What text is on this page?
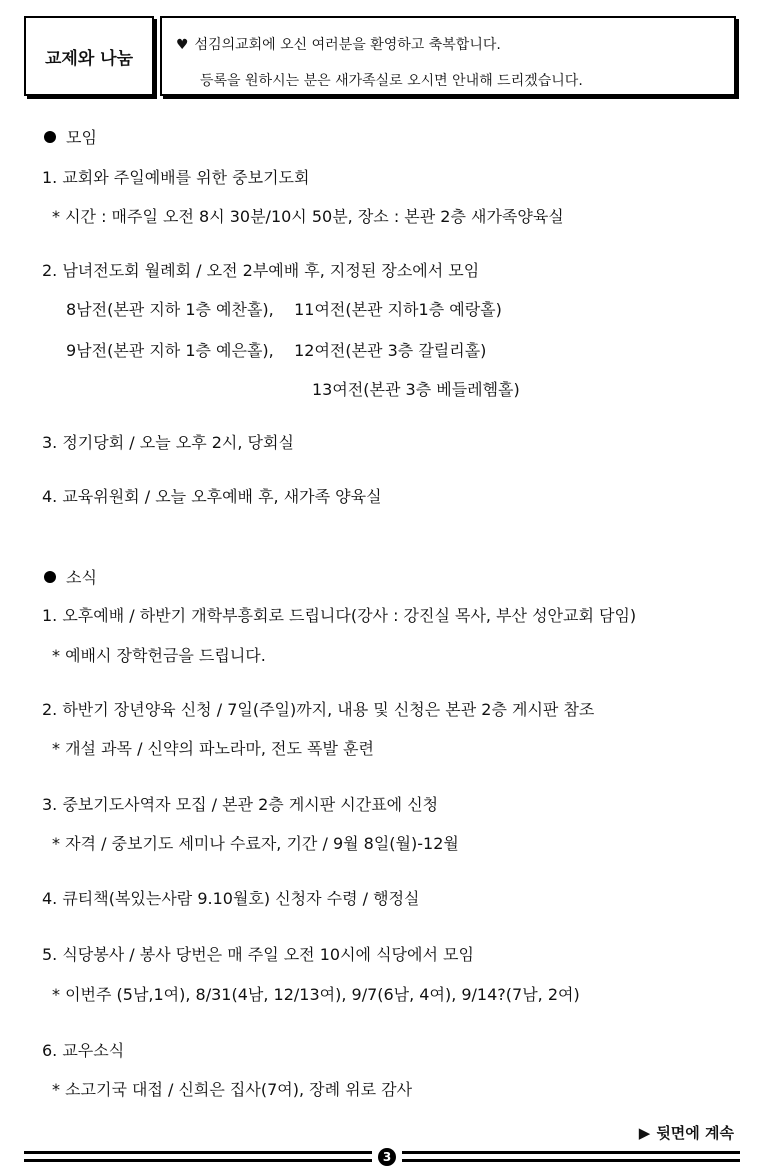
교제와 나눔
♥ 섬김의교회에 오신 여러분을 환영하고 축복합니다.
등록을 원하시는 분은 새가족실로 오시면 안내해 드리겠습니다.
모임
1. 교회와 주일예배를 위한 중보기도회
* 시간 : 매주일 오전 8시 30분/10시 50분, 장소 : 본관 2층 새가족양육실
2. 남녀전도회 월례회 / 오전 2부예배 후, 지정된 장소에서 모임
8남전(본관 지하 1층 예찬홀),    11여전(본관 지하1층 예랑홀)
9남전(본관 지하 1층 예은홀),    12여전(본관 3층 갈릴리홀)
13여전(본관 3층 베들레헴홀)
3. 정기당회 / 오늘 오후 2시, 당회실
4. 교육위원회 / 오늘 오후예배 후, 새가족 양육실
소식
1. 오후예배 / 하반기 개학부흥회로 드립니다(강사 : 강진실 목사, 부산 성안교회 담임)
* 예배시 장학헌금을 드립니다.
2. 하반기 장년양육 신청 / 7일(주일)까지, 내용 및 신청은 본관 2층 게시판 참조
* 개설 과목 / 신약의 파노라마, 전도 폭발 훈련
3. 중보기도사역자 모집 / 본관 2층 게시판 시간표에 신청
* 자격 / 중보기도 세미나 수료자, 기간 / 9월 8일(월)-12월
4. 큐티책(복있는사람 9.10월호) 신청자 수령 / 행정실
5. 식당봉사 / 봉사 당번은 매 주일 오전 10시에 식당에서 모임
* 이번주 (5남,1여), 8/31(4남, 12/13여), 9/7(6남, 4여), 9/14?(7남, 2여)
6. 교우소식
* 소고기국 대접 / 신희은 집사(7여), 장례 위로 감사
▶ 뒷면에 계속
3
